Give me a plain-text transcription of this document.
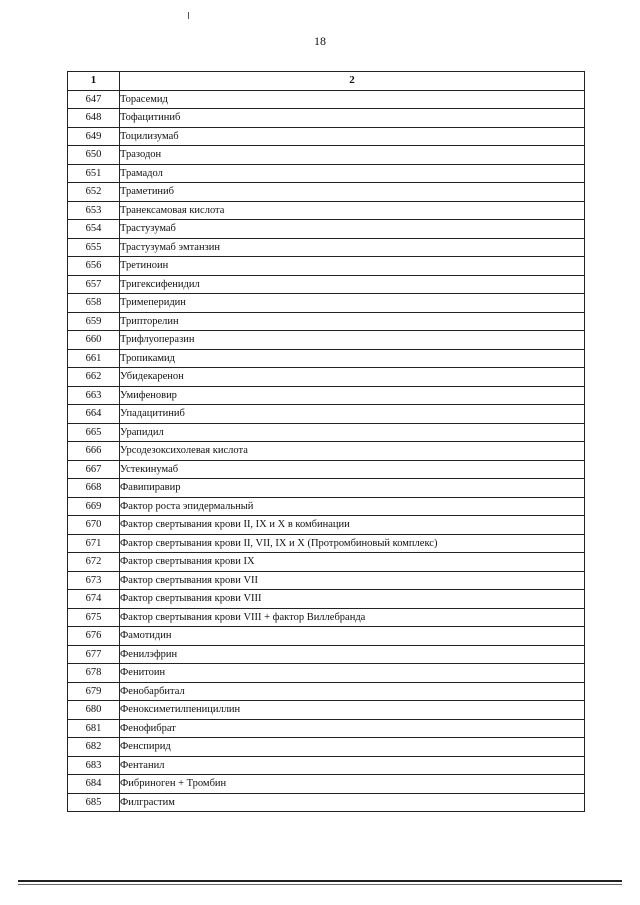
18
1	2
647	Торасемид
648	Тофацитиниб
649	Тоцилизумаб
650	Тразодон
651	Трамадол
652	Траметиниб
653	Транексамовая кислота
654	Трастузумаб
655	Трастузумаб эмтанзин
656	Третиноин
657	Тригексифенидил
658	Тримеперидин
659	Трипторелин
660	Трифлуоперазин
661	Тропикамид
662	Убидекаренон
663	Умифеновир
664	Упадацитиниб
665	Урапидил
666	Урсодезоксихолевая кислота
667	Устекинумаб
668	Фавипиравир
669	Фактор роста эпидермальный
670	Фактор свертывания крови II, IX и X в комбинации
671	Фактор свертывания крови II, VII, IX и X (Протромбиновый комплекс)
672	Фактор свертывания крови IX
673	Фактор свертывания крови VII
674	Фактор свертывания крови VIII
675	Фактор свертывания крови VIII + фактор Виллебранда
676	Фамотидин
677	Фенилэфрин
678	Фенитоин
679	Фенобарбитал
680	Феноксиметилпенициллин
681	Фенофибрат
682	Фенспирид
683	Фентанил
684	Фибриноген + Тромбин
685	Филграстим
